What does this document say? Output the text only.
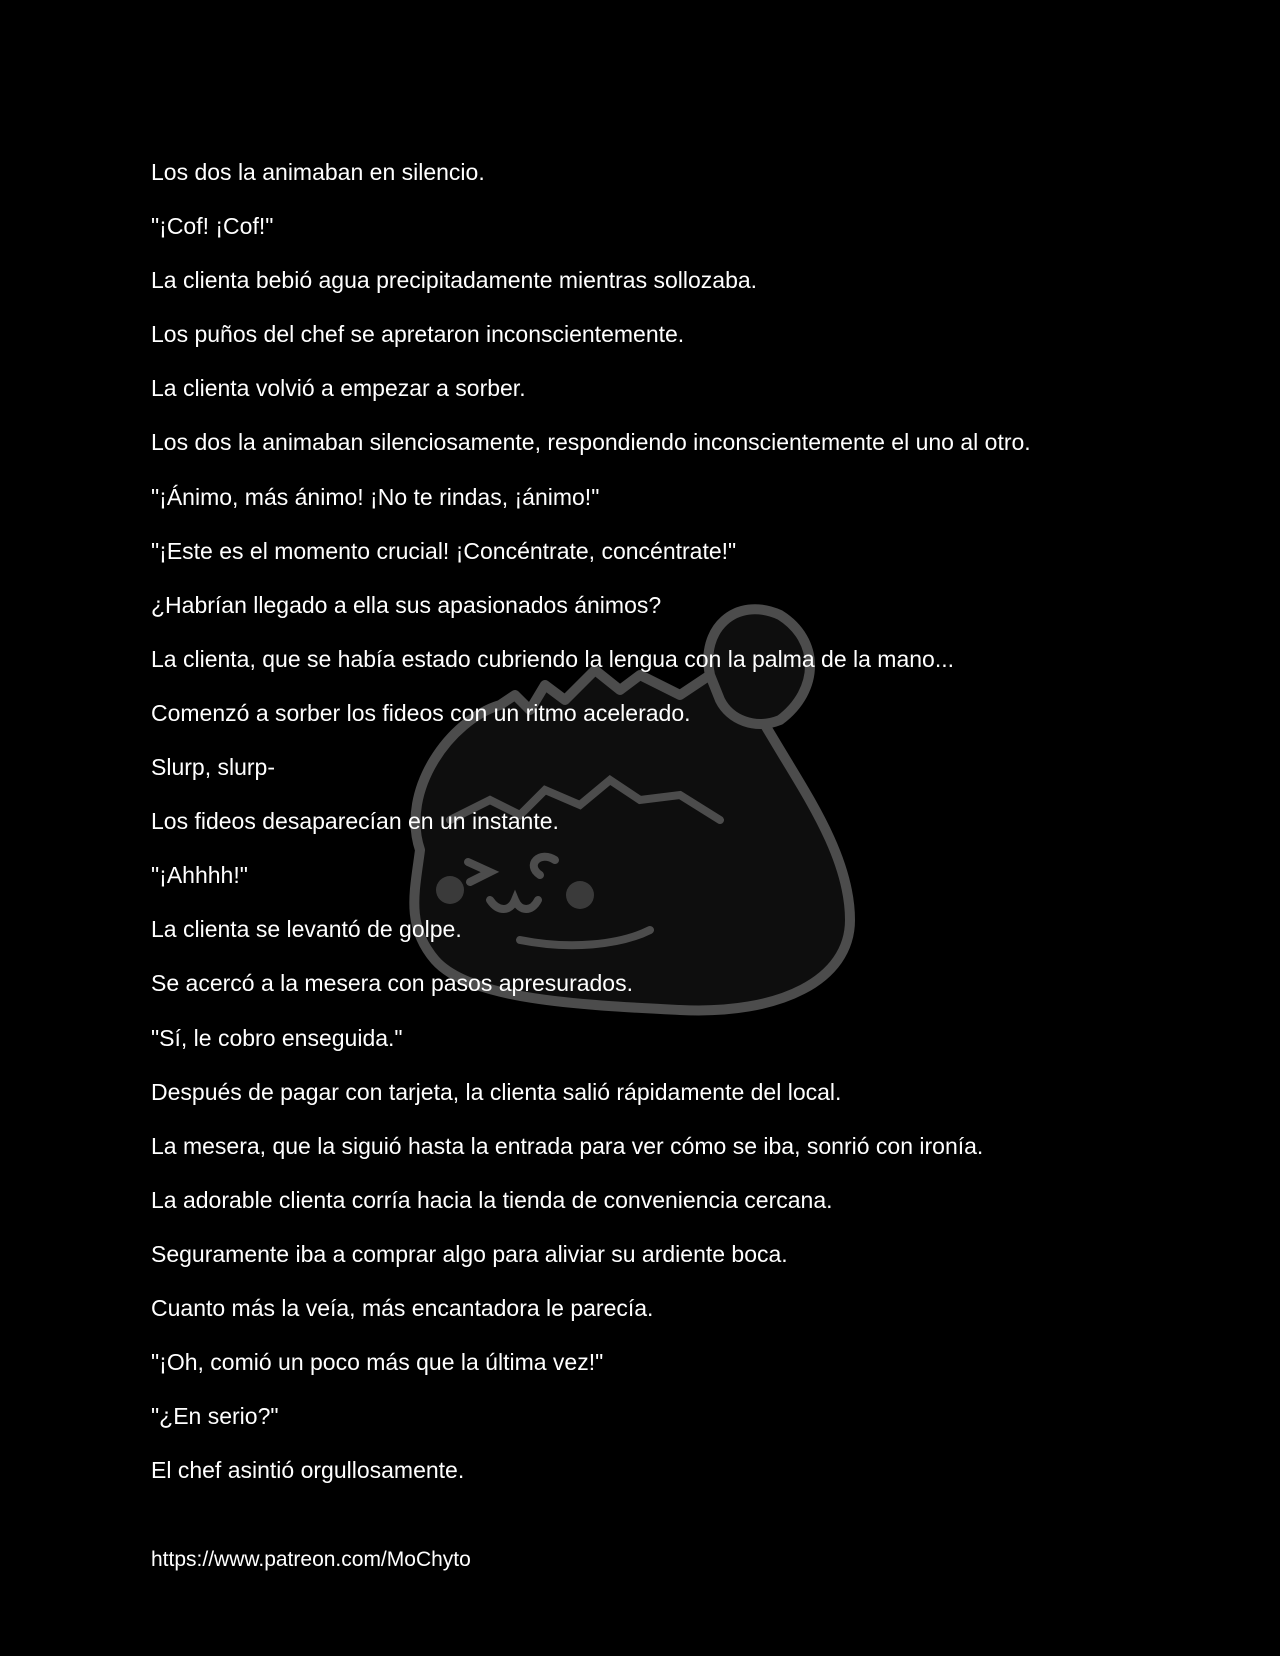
Los dos la animaban en silencio.
"¡Cof! ¡Cof!"
La clienta bebió agua precipitadamente mientras sollozaba.
Los puños del chef se apretaron inconscientemente.
La clienta volvió a empezar a sorber.
Los dos la animaban silenciosamente, respondiendo inconscientemente el uno al otro.
"¡Ánimo, más ánimo! ¡No te rindas, ¡ánimo!"
"¡Este es el momento crucial! ¡Concéntrate, concéntrate!"
¿Habrían llegado a ella sus apasionados ánimos?
La clienta, que se había estado cubriendo la lengua con la palma de la mano...
Comenzó a sorber los fideos con un ritmo acelerado.
Slurp, slurp-
Los fideos desaparecían en un instante.
"¡Ahhhh!"
La clienta se levantó de golpe.
Se acercó a la mesera con pasos apresurados.
"Sí, le cobro enseguida."
Después de pagar con tarjeta, la clienta salió rápidamente del local.
La mesera, que la siguió hasta la entrada para ver cómo se iba, sonrió con ironía.
La adorable clienta corría hacia la tienda de conveniencia cercana.
Seguramente iba a comprar algo para aliviar su ardiente boca.
Cuanto más la veía, más encantadora le parecía.
"¡Oh, comió un poco más que la última vez!"
"¿En serio?"
El chef asintió orgullosamente.
https://www.patreon.com/MoChyto
